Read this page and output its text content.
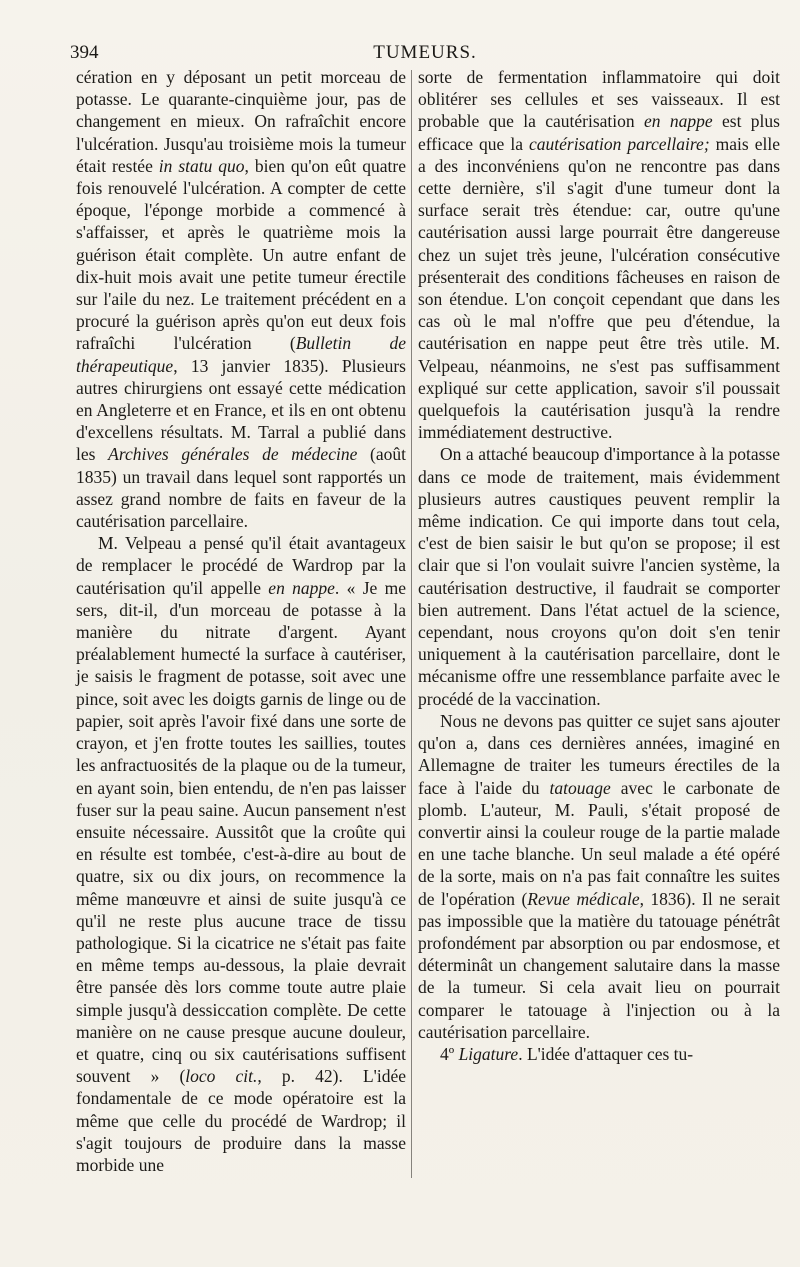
394	TUMEURS.

cération en y déposant un petit morceau de potasse. Le quarante-cinquième jour, pas de changement en mieux. On rafraîchit encore l'ulcération. Jusqu'au troisième mois la tumeur était restée in statu quo, bien qu'on eût quatre fois renouvelé l'ulcération. A compter de cette époque, l'éponge morbide a commencé à s'affaisser, et après le quatrième mois la guérison était complète. Un autre enfant de dix-huit mois avait une petite tumeur érectile sur l'aile du nez. Le traitement précédent en a procuré la guérison après qu'on eut deux fois rafraîchi l'ulcération (Bulletin de thérapeutique, 13 janvier 1835). Plusieurs autres chirurgiens ont essayé cette médication en Angleterre et en France, et ils en ont obtenu d'excellens résultats. M. Tarral a publié dans les Archives générales de médecine (août 1835) un travail dans lequel sont rapportés un assez grand nombre de faits en faveur de la cautérisation parcellaire.

M. Velpeau a pensé qu'il était avantageux de remplacer le procédé de Wardrop par la cautérisation qu'il appelle en nappe. « Je me sers, dit-il, d'un morceau de potasse à la manière du nitrate d'argent. Ayant préalablement humecté la surface à cautériser, je saisis le fragment de potasse, soit avec une pince, soit avec les doigts garnis de linge ou de papier, soit après l'avoir fixé dans une sorte de crayon, et j'en frotte toutes les saillies, toutes les anfractuosités de la plaque ou de la tumeur, en ayant soin, bien entendu, de n'en pas laisser fuser sur la peau saine. Aucun pansement n'est ensuite nécessaire. Aussitôt que la croûte qui en résulte est tombée, c'est-à-dire au bout de quatre, six ou dix jours, on recommence la même manœuvre et ainsi de suite jusqu'à ce qu'il ne reste plus aucune trace de tissu pathologique. Si la cicatrice ne s'était pas faite en même temps au-dessous, la plaie devrait être pansée dès lors comme toute autre plaie simple jusqu'à dessiccation complète. De cette manière on ne cause presque aucune douleur, et quatre, cinq ou six cautérisations suffisent souvent » (loco cit., p. 42). L'idée fondamentale de ce mode opératoire est la même que celle du procédé de Wardrop; il s'agit toujours de produire dans la masse morbide une

sorte de fermentation inflammatoire qui doit oblitérer ses cellules et ses vaisseaux. Il est probable que la cautérisation en nappe est plus efficace que la cautérisation parcellaire; mais elle a des inconvéniens qu'on ne rencontre pas dans cette dernière, s'il s'agit d'une tumeur dont la surface serait très étendue: car, outre qu'une cautérisation aussi large pourrait être dangereuse chez un sujet très jeune, l'ulcération consécutive présenterait des conditions fâcheuses en raison de son étendue. L'on conçoit cependant que dans les cas où le mal n'offre que peu d'étendue, la cautérisation en nappe peut être très utile. M. Velpeau, néanmoins, ne s'est pas suffisamment expliqué sur cette application, savoir s'il poussait quelquefois la cautérisation jusqu'à la rendre immédiatement destructive.

On a attaché beaucoup d'importance à la potasse dans ce mode de traitement, mais évidemment plusieurs autres caustiques peuvent remplir la même indication. Ce qui importe dans tout cela, c'est de bien saisir le but qu'on se propose; il est clair que si l'on voulait suivre l'ancien système, la cautérisation destructive, il faudrait se comporter bien autrement. Dans l'état actuel de la science, cependant, nous croyons qu'on doit s'en tenir uniquement à la cautérisation parcellaire, dont le mécanisme offre une ressemblance parfaite avec le procédé de la vaccination.

Nous ne devons pas quitter ce sujet sans ajouter qu'on a, dans ces dernières années, imaginé en Allemagne de traiter les tumeurs érectiles de la face à l'aide du tatouage avec le carbonate de plomb. L'auteur, M. Pauli, s'était proposé de convertir ainsi la couleur rouge de la partie malade en une tache blanche. Un seul malade a été opéré de la sorte, mais on n'a pas fait connaître les suites de l'opération (Revue médicale, 1836). Il ne serait pas impossible que la matière du tatouage pénétrât profondément par absorption ou par endosmose, et déterminât un changement salutaire dans la masse de la tumeur. Si cela avait lieu on pourrait comparer le tatouage à l'injection ou à la cautérisation parcellaire.

4º Ligature. L'idée d'attaquer ces tu-
